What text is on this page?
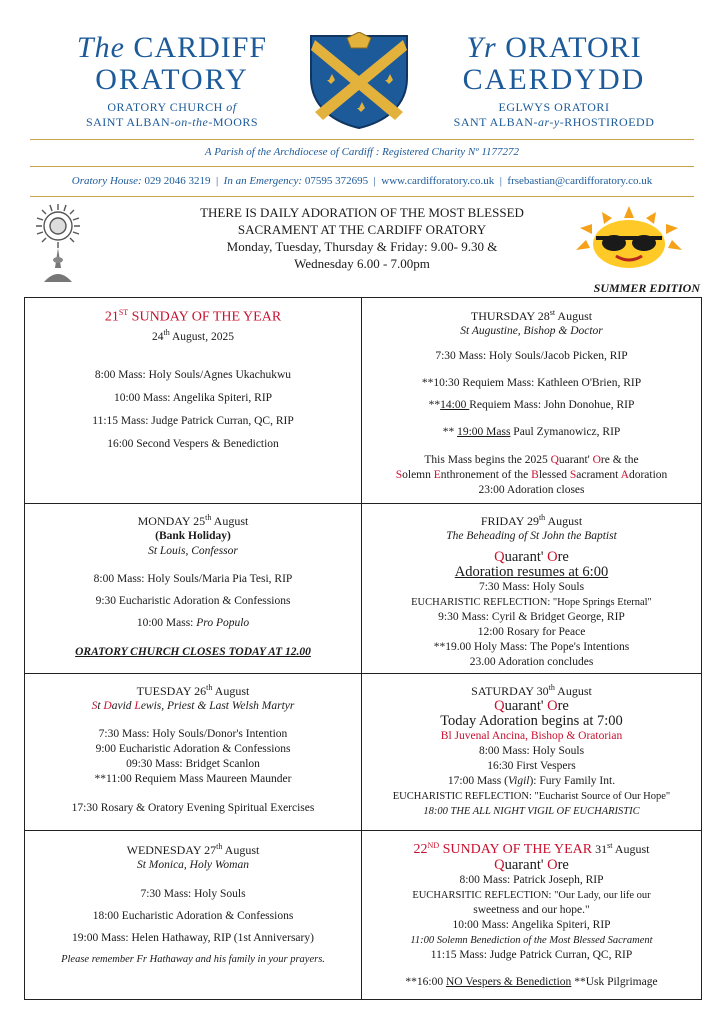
The CARDIFF
ORATORY
ORATORY CHURCH of
SAINT ALBAN-on-the-MOORS
Yr ORATORI
CAERDYDD
EGLWYS ORATORI
SANT ALBAN-ar-y-RHOSTIROEDD
A Parish of the Archdiocese of Cardiff : Registered Charity Nº 1177272
Oratory House: 029 2046 3219  |  In an Emergency: 07595 372695  |  www.cardifforatory.co.uk  |  frsebastian@cardifforatory.co.uk
THERE IS DAILY ADORATION OF THE MOST BLESSED
SACRAMENT AT THE CARDIFF ORATORY
Monday, Tuesday, Thursday & Friday: 9.00- 9.30 &
Wednesday 6.00 - 7.00pm
SUMMER EDITION
21ST SUNDAY OF THE YEAR
24th August, 2025
8:00 Mass: Holy Souls/Agnes Ukachukwu
10:00 Mass: Angelika Spiteri, RIP
11:15 Mass: Judge Patrick Curran, QC, RIP
16:00 Second Vespers & Benediction
THURSDAY 28st August
St Augustine, Bishop & Doctor
7:30 Mass: Holy Souls/Jacob Picken, RIP
**10:30 Requiem Mass: Kathleen O'Brien, RIP
**14:00 Requiem Mass: John Donohue, RIP
** 19:00 Mass Paul Zymanowicz, RIP
This Mass begins the 2025 Quarant' Ore & the
Solemn Enthronement of the Blessed Sacrament Adoration
23:00 Adoration closes
MONDAY 25th August
(Bank Holiday)
St Louis, Confessor
8:00 Mass: Holy Souls/Maria Pia Tesi, RIP
9:30 Eucharistic Adoration & Confessions
10:00 Mass: Pro Populo
ORATORY CHURCH CLOSES TODAY AT 12.00
FRIDAY 29th August
The Beheading of St John the Baptist
Quarant' Ore
Adoration resumes at 6:00
7:30 Mass: Holy Souls
EUCHARISTIC REFLECTION: "Hope Springs Eternal"
9:30 Mass: Cyril & Bridget George, RIP
12:00 Rosary for Peace
**19.00 Holy Mass: The Pope's Intentions
23.00 Adoration concludes
TUESDAY 26th August
St David Lewis, Priest & Last Welsh Martyr
7:30 Mass: Holy Souls/Donor's Intention
9:00 Eucharistic Adoration & Confessions
09:30 Mass: Bridget Scanlon
**11:00 Requiem Mass Maureen Maunder
17:30 Rosary & Oratory Evening Spiritual Exercises
SATURDAY 30th August
Quarant' Ore
Today Adoration begins at 7:00
Bl Juvenal Ancina, Bishop & Oratorian
8:00 Mass: Holy Souls
16:30 First Vespers
17:00 Mass (Vigil): Fury Family Int.
EUCHARISTIC REFLECTION: "Eucharist Source of Our Hope"
18:00 THE ALL NIGHT VIGIL OF EUCHARISTIC
WEDNESDAY 27th August
St Monica, Holy Woman
7:30 Mass: Holy Souls
18:00 Eucharistic Adoration & Confessions
19:00 Mass: Helen Hathaway, RIP (1st Anniversary)
Please remember Fr Hathaway and his family in your prayers.
22ND SUNDAY OF THE YEAR 31st August
Quarant' Ore
8:00 Mass: Patrick Joseph, RIP
EUCHARSITIC REFLECTION: "Our Lady, our life our
sweetness and our hope."
10:00 Mass: Angelika Spiteri, RIP
11:00 Solemn Benediction of the Most Blessed Sacrament
11:15 Mass: Judge Patrick Curran, QC, RIP
**16:00 NO Vespers & Benediction **Usk Pilgrimage
